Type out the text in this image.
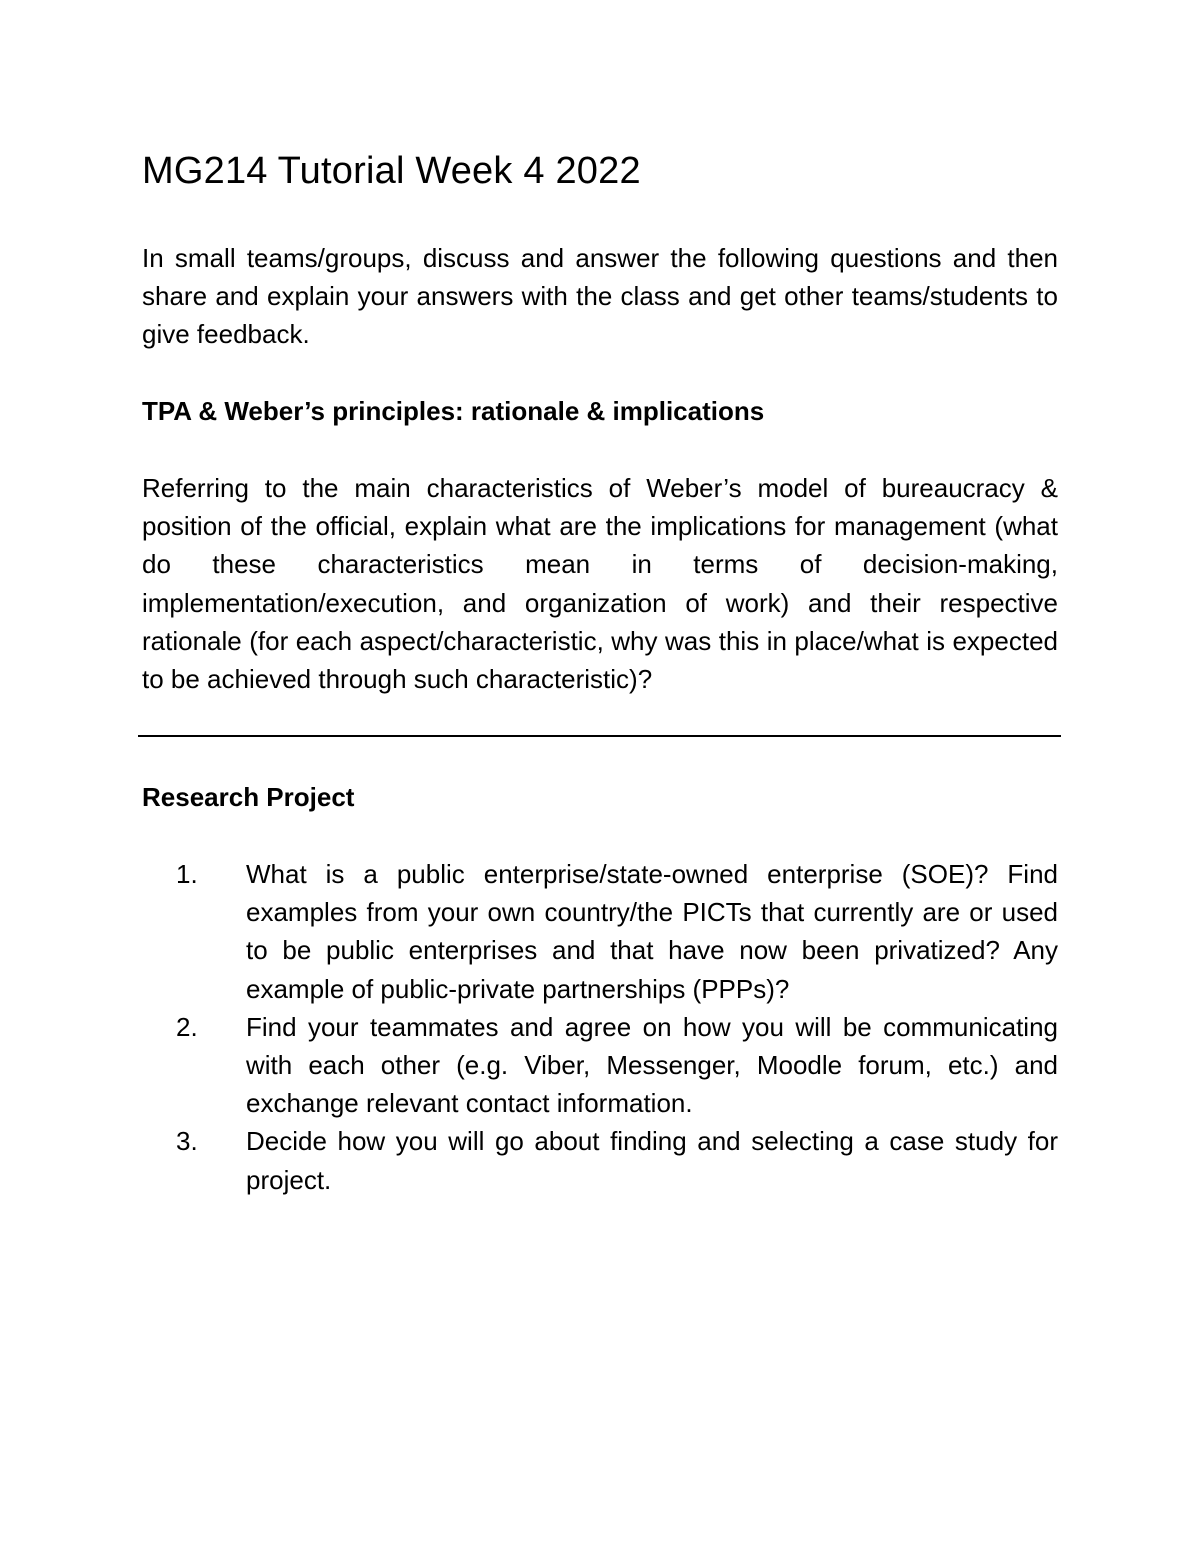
MG214 Tutorial Week 4 2022

In small teams/groups, discuss and answer the following questions and then share and explain your answers with the class and get other teams/students to give feedback.

TPA & Weber’s principles: rationale & implications

Referring to the main characteristics of Weber’s model of bureaucracy & position of the official, explain what are the implications for management (what do these characteristics mean in terms of decision-making, implementation/execution, and organization of work) and their respective rationale (for each aspect/characteristic, why was this in place/what is expected to be achieved through such characteristic)?

Research Project
1. What is a public enterprise/state-owned enterprise (SOE)? Find examples from your own country/the PICTs that currently are or used to be public enterprises and that have now been privatized? Any example of public-private partnerships (PPPs)?
2. Find your teammates and agree on how you will be communicating with each other (e.g. Viber, Messenger, Moodle forum, etc.) and exchange relevant contact information.
3. Decide how you will go about finding and selecting a case study for project.
